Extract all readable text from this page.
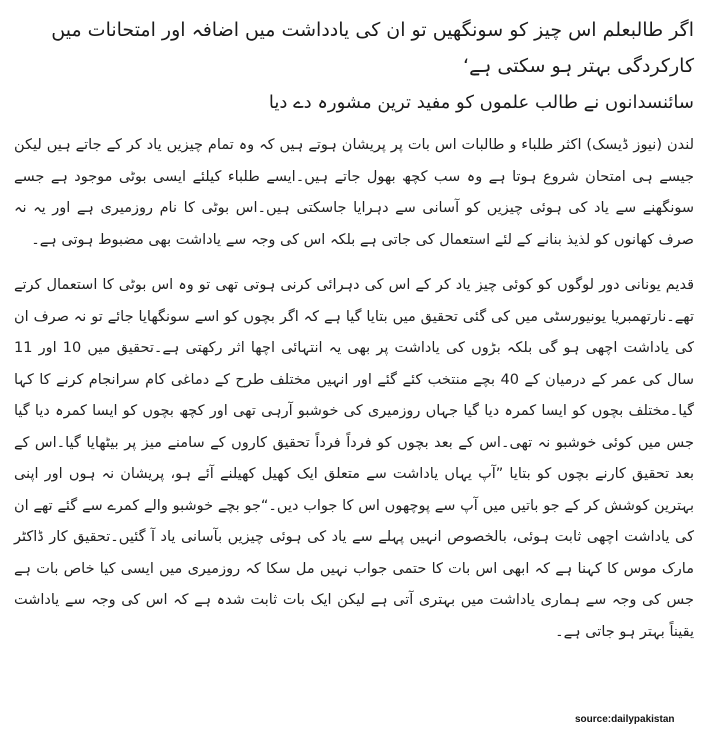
اگر طالبعلم اس چیز کو سونگھیں تو ان کی یادداشت میں اضافہ اور امتحانات میں کارکردگی بہتر ہو سکتی ہے‘
سائنسدانوں نے طالب علموں کو مفید ترین مشورہ دے دیا

لندن (نیوز ڈیسک) اکثر طلباء و طالبات اس بات پر پریشان ہوتے ہیں کہ وہ تمام چیزیں یاد کر کے جاتے ہیں لیکن جیسے ہی امتحان شروع ہوتا ہے وہ سب کچھ بھول جاتے ہیں۔ایسے طلباء کیلئے ایسی بوٹی موجود ہے جسے سونگھنے سے یاد کی ہوئی چیزیں کو آسانی سے دہرایا جاسکتی ہیں۔اس بوٹی کا نام روزمیری ہے اور یہ نہ صرف کھانوں کو لذیذ بنانے کے لئے استعمال کی جاتی ہے بلکہ اس کی وجہ سے یاداشت بھی مضبوط ہوتی ہے۔

قدیم یونانی دور لوگوں کو کوئی چیز یاد کر کے اس کی دہرائی کرنی ہوتی تھی تو وہ اس بوٹی کا استعمال کرتے تھے۔نارتھمبریا یونیورسٹی میں کی گئی تحقیق میں بتایا گیا ہے کہ اگر بچوں کو اسے سونگھایا جائے تو نہ صرف ان کی یاداشت اچھی ہو گی بلکہ بڑوں کی یاداشت پر بھی یہ انتہائی اچھا اثر رکھتی ہے۔تحقیق میں 10 اور 11 سال کی عمر کے درمیان کے 40 بچے منتخب کئے گئے اور انہیں مختلف طرح کے دماغی کام سرانجام کرنے کا کہا گیا۔مختلف بچوں کو ایسا کمرہ دیا گیا جہاں روزمیری کی خوشبو آرہی تھی اور کچھ بچوں کو ایسا کمرہ دیا گیا جس میں کوئی خوشبو نہ تھی۔اس کے بعد بچوں کو فرداً فرداً تحقیق کاروں کے سامنے میز پر بیٹھایا گیا۔اس کے بعد تحقیق کارنے بچوں کو بتایا ”آپ یہاں یاداشت سے متعلق ایک کھیل کھیلنے آئے ہو، پریشان نہ ہوں اور اپنی بہترین کوشش کر کے جو باتیں میں آپ سے پوچھوں اس کا جواب دیں۔“جو بچے خوشبو والے کمرے سے گئے تھے ان کی یاداشت اچھی ثابت ہوئی، بالخصوص انہیں پہلے سے یاد کی ہوئی چیزیں بآسانی یاد آ گئیں۔تحقیق کار ڈاکٹر مارک موس کا کہنا ہے کہ ابھی اس بات کا حتمی جواب نہیں مل سکا کہ روزمیری میں ایسی کیا خاص بات ہے جس کی وجہ سے ہماری یاداشت میں بہتری آتی ہے لیکن ایک بات ثابت شدہ ہے کہ اس کی وجہ سے یاداشت یقیناً بہتر ہو جاتی ہے۔

source:dailypakistan
